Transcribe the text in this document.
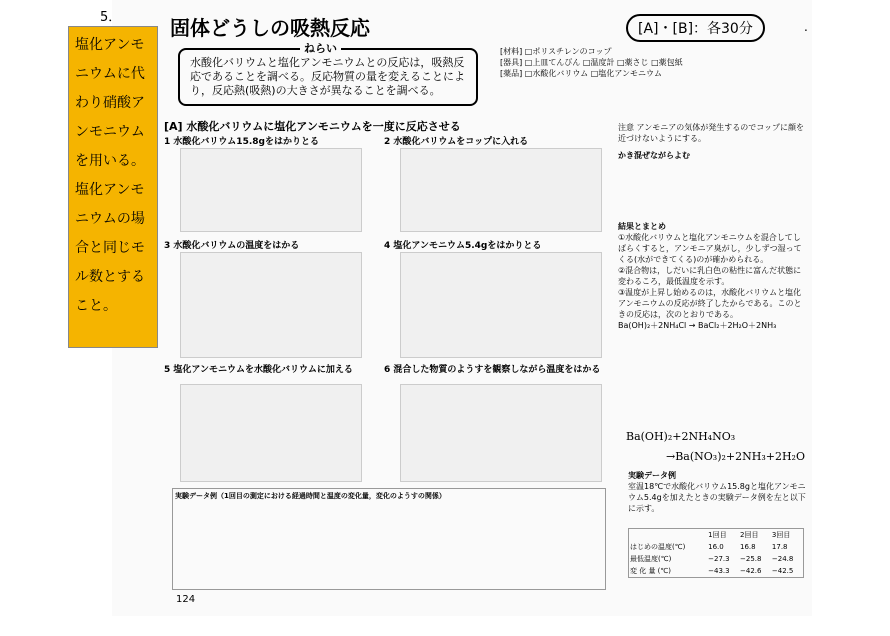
5． 固体どうしの吸熱反応	[A]・[B]：各30分	.
塩化アンモニウムに代わり硝酸アンモニウムを用いる。塩化アンモニウムの場合と同じモル数とすること。
水酸化バリウムと塩化アンモニウムとの反応は，吸熱反応であることを調べる。反応物質の量を変えることにより，反応熱(吸熱)の大きさが異なることを調べる。
ねらい	[材料] □ポリスチレンのコップ
[器具] □上皿てんびん □温度計 □薬さじ □薬包紙
[薬品] □水酸化バリウム □塩化アンモニウム
[A] 水酸化バリウムに塩化アンモニウムを一度に反応させる
1 水酸化バリウム15.8gをはかりとる	2 水酸化バリウムをコップに入れる
3 水酸化バリウムの温度をはかる	4 塩化アンモニウム5.4gをはかりとる
5 塩化アンモニウムを水酸化バリウムに加える	6 混合した物質のようすを観察しながら温度をはかる
注意 アンモニアの気体が発生するのでコップに顔を近づけないようにする。
かき混ぜながらよむ
結果とまとめ
①水酸化バリウムと塩化アンモニウムを混合してしばらくすると，アンモニア臭がし，少しずつ湿ってくる(水ができてくる)のが確かめられる。
②混合物は，しだいに乳白色の粘性に富んだ状態に変わるころ，最低温度を示す。
③温度が上昇し始めるのは，水酸化バリウムと塩化アンモニウムの反応が終了したからである。このときの反応は，次のとおりである。
Ba(OH)₂＋2NH₄Cl → BaCl₂＋2H₂O＋2NH₃
Ba(OH)₂+2NH₄NO₃
→Ba(NO₃)₂+2NH₃+2H₂O
実験データ例
室温18℃で水酸化バリウム15.8gと塩化アンモニウム5.4gを加えたときの実験データ例を左と以下に示す。
	1回目	2回目	3回目
はじめの温度(℃)	16.0	16.8	17.8
最低温度(℃)	−27.3	−25.8	−24.8
変 化 量 (℃)	−43.3	−42.6	−42.5
実験データ例（1回目の測定における経過時間と温度の変化量，変化のようすの関係）
124
